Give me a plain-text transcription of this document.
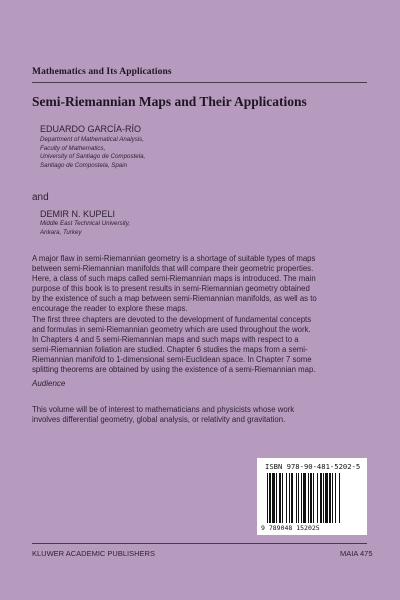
Mathematics and Its Applications
Semi-Riemannian Maps and Their Applications
EDUARDO GARCÍA-RÍO
Department of Mathematical Analysis,
Faculty of Mathematics,
University of Santiago de Compostela,
Santiago de Compostela, Spain
and
DEMIR N. KUPELI
Middle East Technical University,
Ankara, Turkey
A major flaw in semi-Riemannian geometry is a shortage of suitable types of maps
between semi-Riemannian manifolds that will compare their geometric properties.
Here, a class of such maps called semi-Riemannian maps is introduced. The main
purpose of this book is to present results in semi-Riemannian geometry obtained
by the existence of such a map between semi-Riemannian manifolds, as well as to
encourage the reader to explore these maps.
The first three chapters are devoted to the development of fundamental concepts
and formulas in semi-Riemannian geometry which are used throughout the work.
In Chapters 4 and 5 semi-Riemannian maps and such maps with respect to a
semi-Riemannian foliation are studied. Chapter 6 studies the maps from a semi-
Riemannian manifold to 1-dimensional semi-Euclidean space. In Chapter 7 some
splitting theorems are obtained by using the existence of a semi-Riemannian map.
Audience
This volume will be of interest to mathematicians and physicists whose work
involves differential geometry, global analysis, or relativity and gravitation.
ISBN 978-90-481-5202-5
9 789048 152025
KLUWER ACADEMIC PUBLISHERS	MAIA 475
